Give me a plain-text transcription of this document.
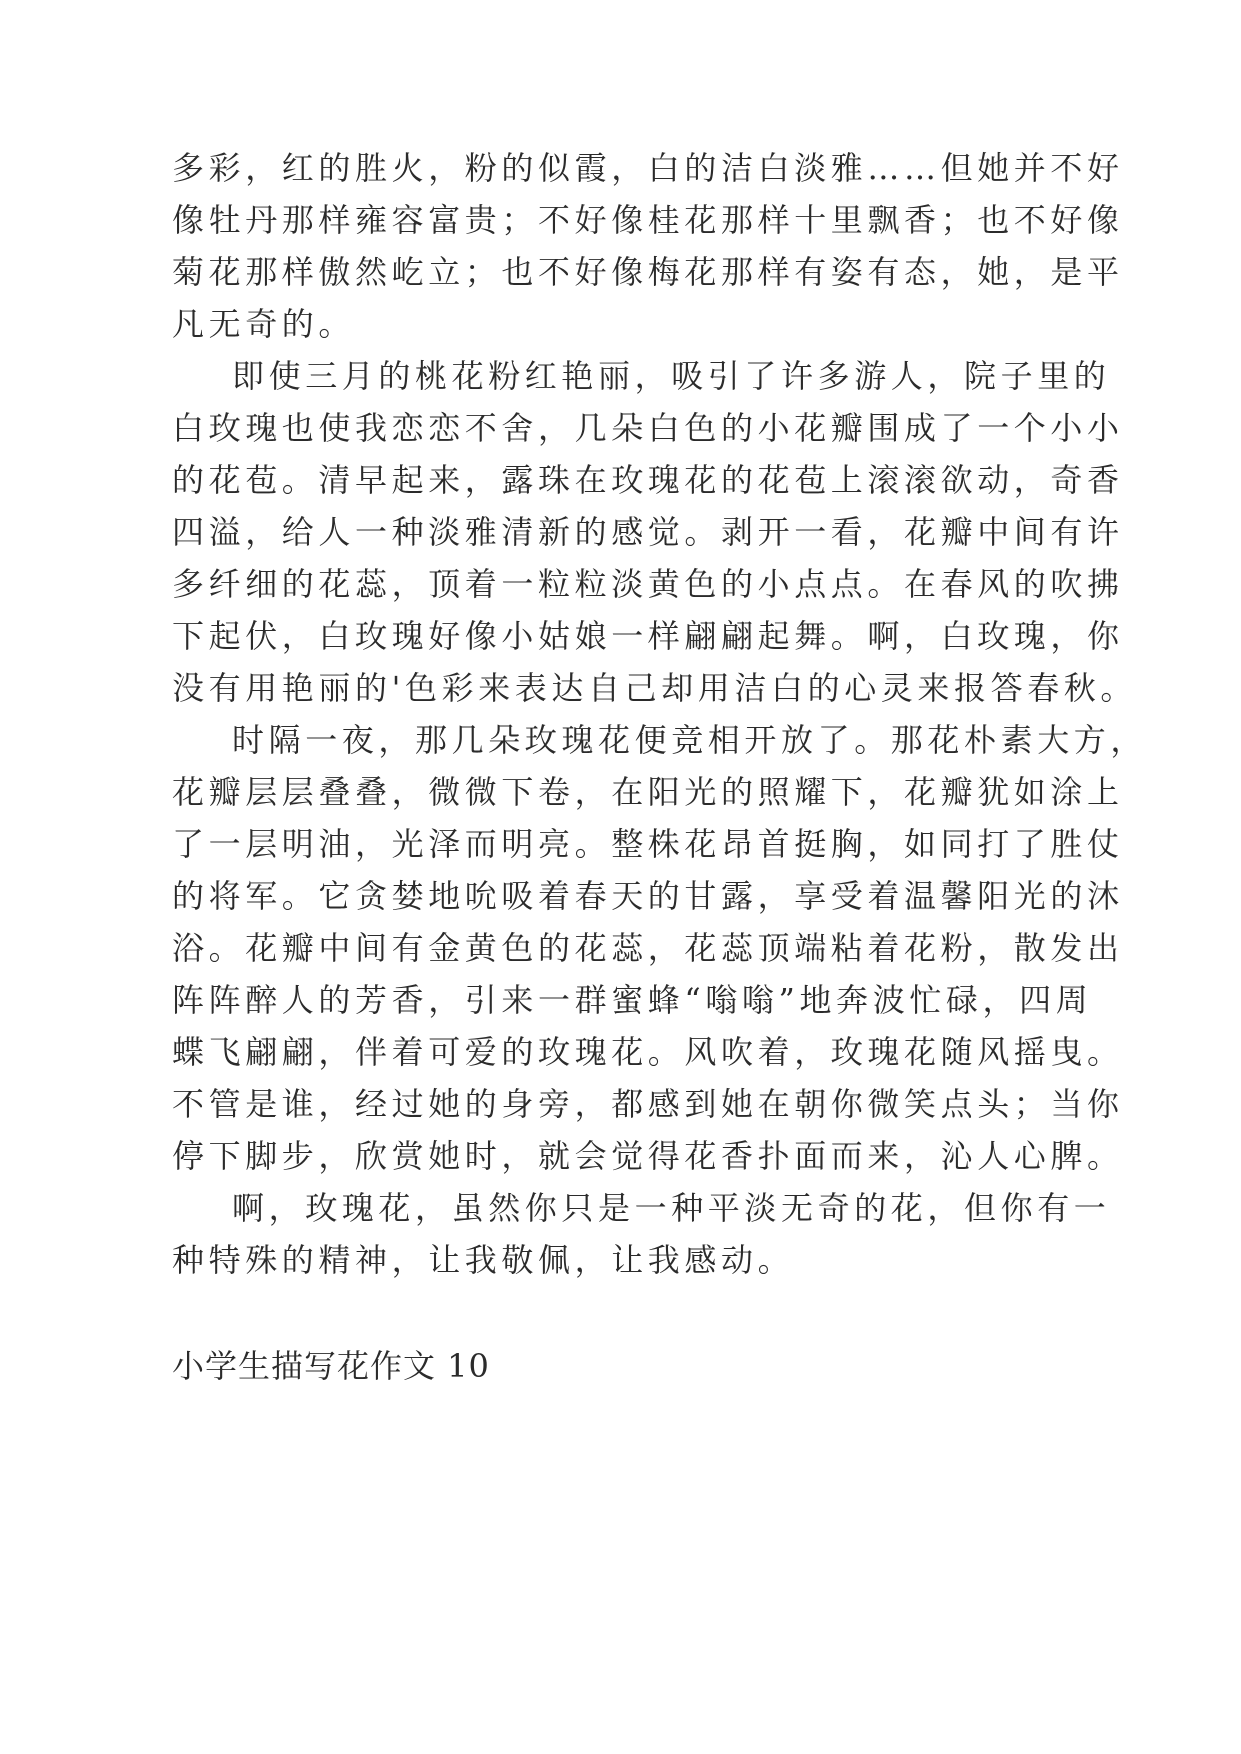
多彩，红的胜火，粉的似霞，白的洁白淡雅……但她并不好
像牡丹那样雍容富贵；不好像桂花那样十里飘香；也不好像
菊花那样傲然屹立；也不好像梅花那样有姿有态，她，是平
凡无奇的。
即使三月的桃花粉红艳丽，吸引了许多游人，院子里的
白玫瑰也使我恋恋不舍，几朵白色的小花瓣围成了一个小小
的花苞。清早起来，露珠在玫瑰花的花苞上滚滚欲动，奇香
四溢，给人一种淡雅清新的感觉。剥开一看，花瓣中间有许
多纤细的花蕊，顶着一粒粒淡黄色的小点点。在春风的吹拂
下起伏，白玫瑰好像小姑娘一样翩翩起舞。啊，白玫瑰，你
没有用艳丽的'色彩来表达自己却用洁白的心灵来报答春秋。
时隔一夜，那几朵玫瑰花便竞相开放了。那花朴素大方，
花瓣层层叠叠，微微下卷，在阳光的照耀下，花瓣犹如涂上
了一层明油，光泽而明亮。整株花昂首挺胸，如同打了胜仗
的将军。它贪婪地吮吸着春天的甘露，享受着温馨阳光的沐
浴。花瓣中间有金黄色的花蕊，花蕊顶端粘着花粉，散发出
阵阵醉人的芳香，引来一群蜜蜂“嗡嗡”地奔波忙碌，四周
蝶飞翩翩，伴着可爱的玫瑰花。风吹着，玫瑰花随风摇曳。
不管是谁，经过她的身旁，都感到她在朝你微笑点头；当你
停下脚步，欣赏她时，就会觉得花香扑面而来，沁人心脾。
啊，玫瑰花，虽然你只是一种平淡无奇的花，但你有一
种特殊的精神，让我敬佩，让我感动。
小学生描写花作文 10
